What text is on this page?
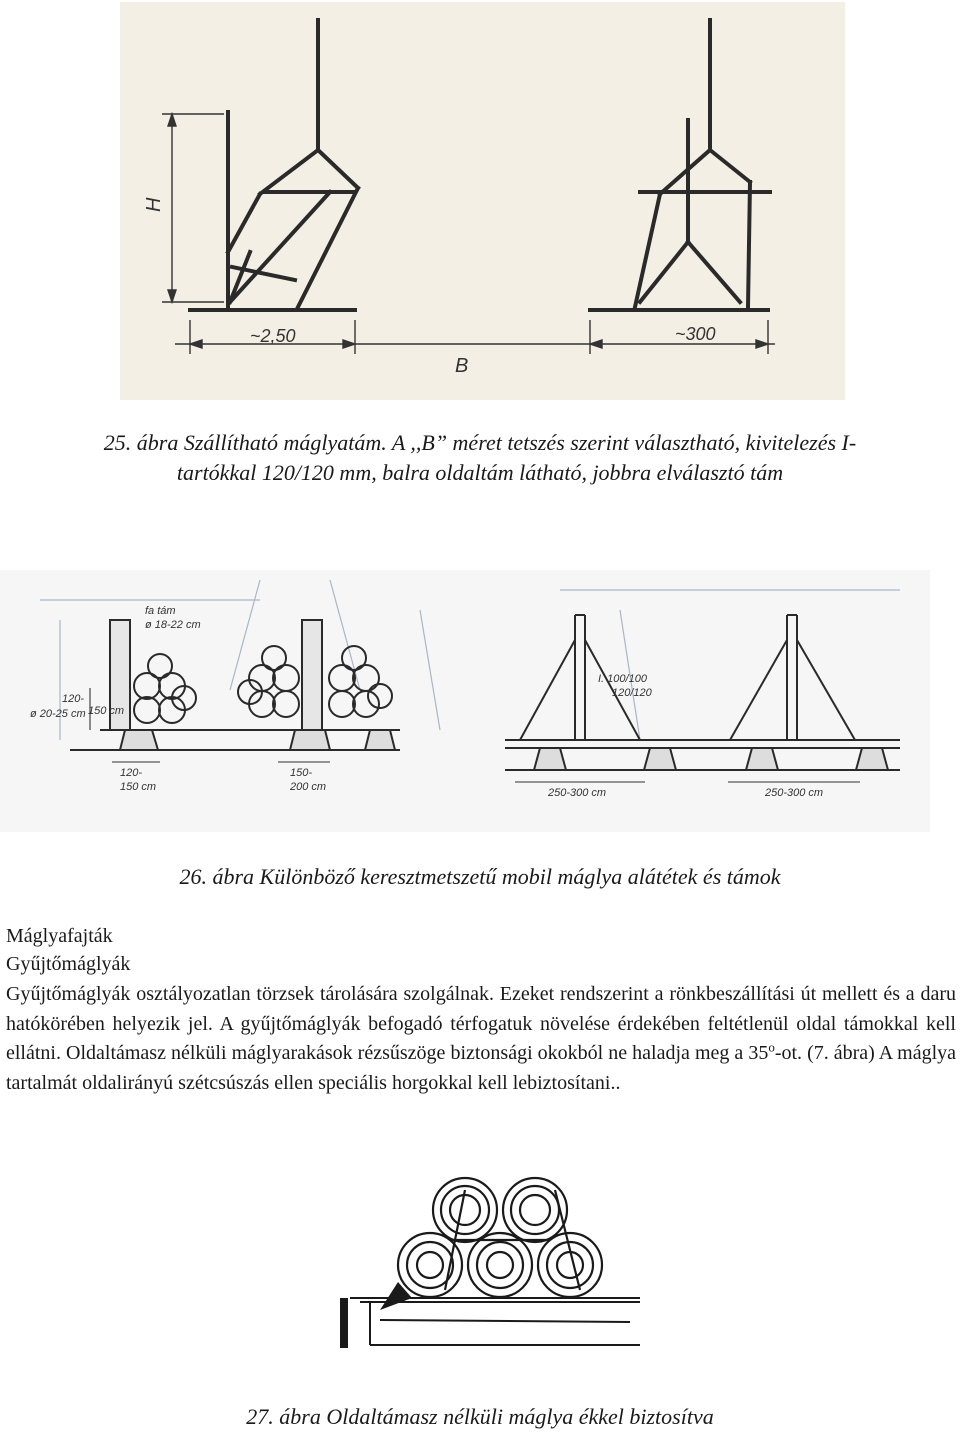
H
~2,50	~300
B
25. ábra Szállítható máglyatám. A ,,B” méret tetszés szerint választható, kivitelezés I-
tartókkal 120/120 mm, balra oldaltám látható, jobbra elválasztó tám
fa tám
ø 18-22 cm
120-
ø 20-25 cm 150 cm
120-
150 cm
150-
200 cm
I. 100/100
120/120
250-300 cm	250-300 cm
26. ábra Különböző keresztmetszetű mobil máglya alátétek és támok
Máglyafajták
Gyűjtőmáglyák
Gyűjtőmáglyák osztályozatlan törzsek tárolására szolgálnak. Ezeket rendszerint a rönkbeszállítási út mellett és a daru hatókörében helyezik jel. A gyűjtőmáglyák befogadó térfogatuk növelése érdekében feltétlenül oldal támokkal kell ellátni. Oldaltámasz nélküli máglyarakások rézsűszöge biztonsági okokból ne haladja meg a 35$^o$-ot. (7. ábra) A máglya tartalmát oldalirányú szétcsúszás ellen speciális horgokkal kell lebiztosítani..
27. ábra Oldaltámasz nélküli máglya ékkel biztosítva
